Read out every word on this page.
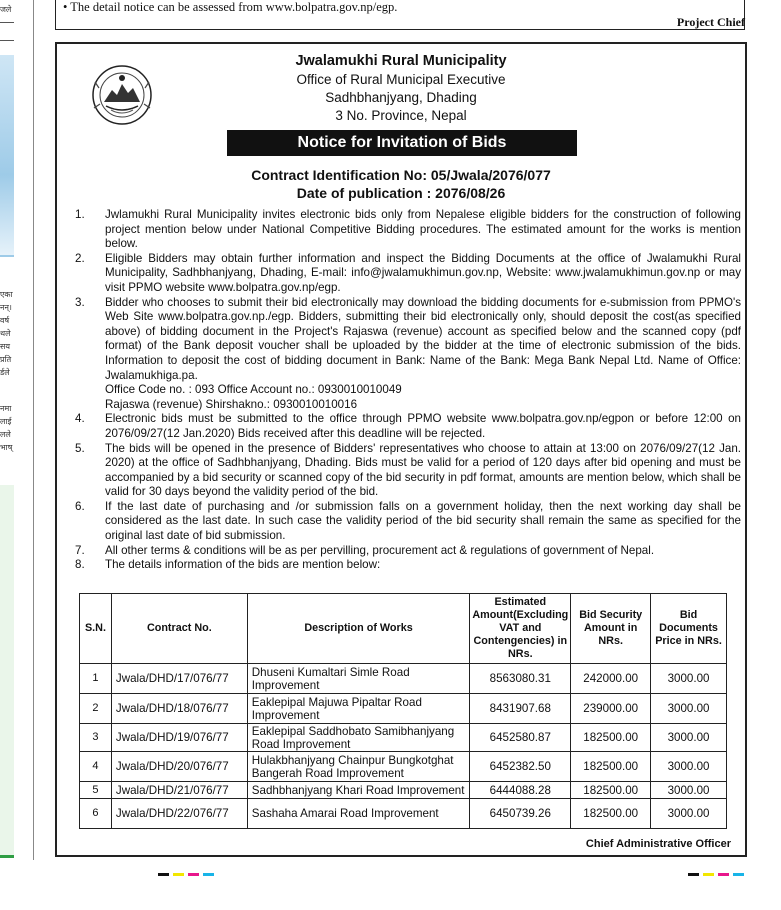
जले
एका
नन्।
वर्ष
थले
सय
प्रति
र्डले
नमा
लाई
लले
भाष्
• The detail notice can be assessed from www.bolpatra.gov.np/egp.
Project Chief
Jwalamukhi Rural Municipality
Office of Rural Municipal Executive
Sadhbhanjyang, Dhading
3 No. Province, Nepal
Notice for Invitation of Bids
Contract Identification No: 05/Jwala/2076/077
Date of publication : 2076/08/26
1. Jwlamukhi Rural Municipality invites electronic bids only from Nepalese eligible bidders for the construction of following project mention below under National Competitive Bidding procedures. The estimated amount for the works is mention below.
2. Eligible Bidders may obtain further information and inspect the Bidding Documents at the office of Jwalamukhi Rural Municipality, Sadhbhanjyang, Dhading, E-mail: info@jwalamukhimun.gov.np, Website: www.jwalamukhimun.gov.np or may visit PPMO website www.bolpatra.gov.np/egp.
3. Bidder who chooses to submit their bid electronically may download the bidding documents for e-submission from PPMO's Web Site www.bolpatra.gov.np./egp. Bidders, submitting their bid electronically only, should deposit the cost(as specified above) of bidding document in the Project's Rajaswa (revenue) account as specified below and the scanned copy (pdf format) of the Bank deposit voucher shall be uploaded by the bidder at the time of electronic submission of the bids. Information to deposit the cost of bidding document in Bank: Name of the Bank: Mega Bank Nepal Ltd. Name of Office: Jwalamukhiga.pa.
Office Code no. : 093 Office Account no.: 0930010010049
Rajaswa (revenue) Shirshakno.: 0930010010016
4. Electronic bids must be submitted to the office through PPMO website www.bolpatra.gov.np/egpon or before 12:00 on 2076/09/27(12 Jan.2020) Bids received after this deadline will be rejected.
5. The bids will be opened in the presence of Bidders' representatives who choose to attain at 13:00 on 2076/09/27(12 Jan. 2020) at the office of Sadhbhanjyang, Dhading. Bids must be valid for a period of 120 days after bid opening and must be accompanied by a bid security or scanned copy of the bid security in pdf format, amounts are mention below, which shall be valid for 30 days beyond the validity period of the bid.
6. If the last date of purchasing and /or submission falls on a government holiday, then the next working day shall be considered as the last date. In such case the validity period of the bid security shall remain the same as specified for the original last date of bid submission.
7. All other terms & conditions will be as per pervilling, procurement act & regulations of government of Nepal.
8. The details information of the bids are mention below:
S.N.	Contract No.	Description of Works	Estimated Amount(Excluding VAT and Contengencies) in NRs.	Bid Security Amount in NRs.	Bid Documents Price in NRs.
1	Jwala/DHD/17/076/77	Dhuseni Kumaltari Simle Road Improvement	8563080.31	242000.00	3000.00
2	Jwala/DHD/18/076/77	Eaklepipal Majuwa Pipaltar Road Improvement	8431907.68	239000.00	3000.00
3	Jwala/DHD/19/076/77	Eaklepipal Saddhobato Samibhanjyang Road Improvement	6452580.87	182500.00	3000.00
4	Jwala/DHD/20/076/77	Hulakbhanjyang Chainpur Bungkotghat Bangerah Road Improvement	6452382.50	182500.00	3000.00
5	Jwala/DHD/21/076/77	Sadhbhanjyang Khari Road Improvement	6444088.28	182500.00	3000.00
6	Jwala/DHD/22/076/77	Sashaha Amarai Road Improvement	6450739.26	182500.00	3000.00
Chief Administrative Officer
